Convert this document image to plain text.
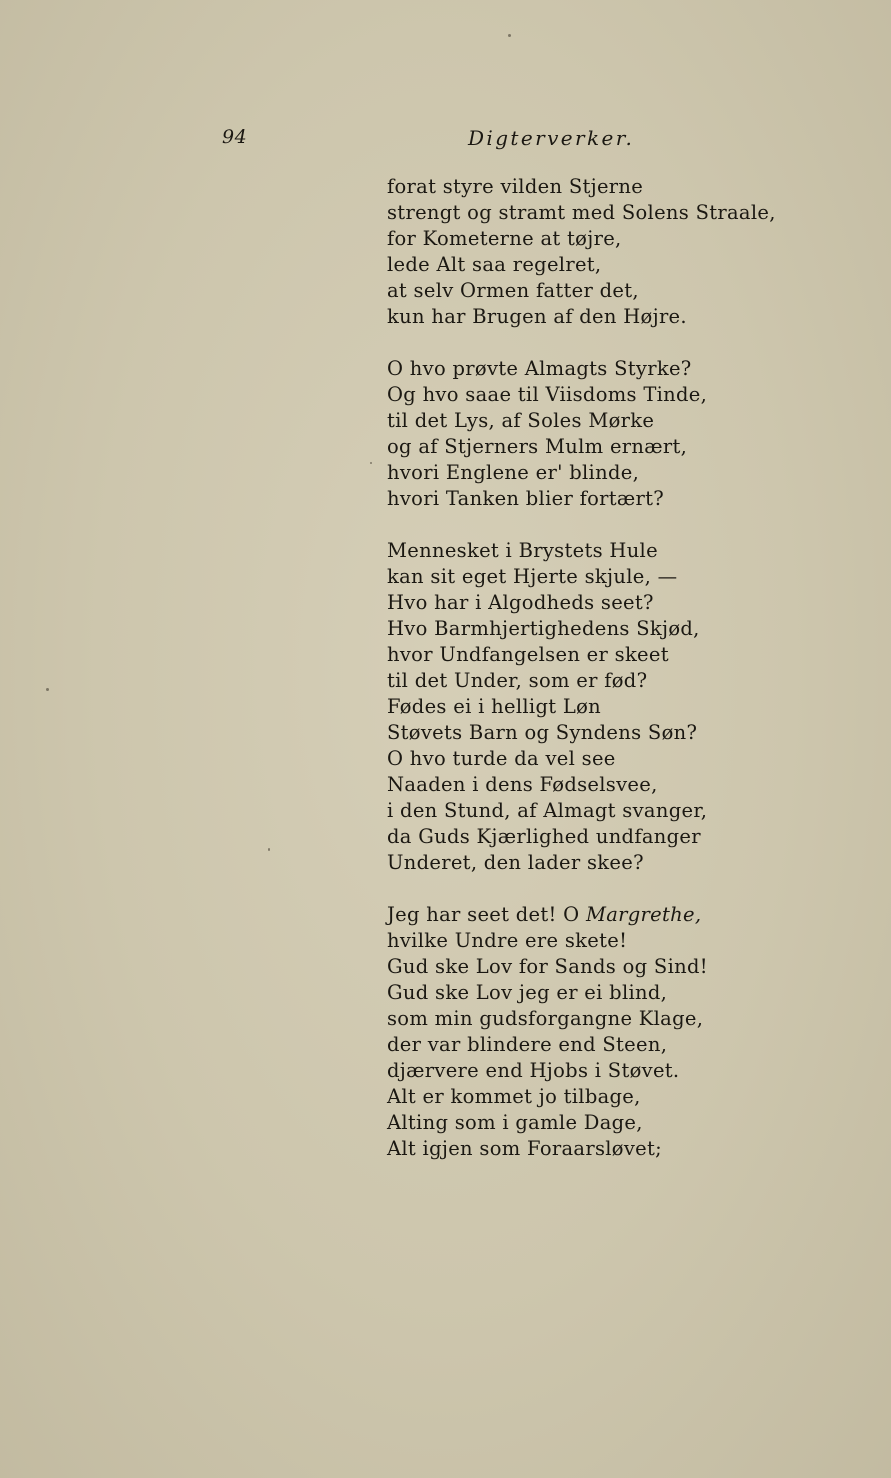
94	Digterverker.
forat styre vilden Stjerne
strengt og stramt med Solens Straale,
for Kometerne at tøjre,
lede Alt saa regelret,
at selv Ormen fatter det,
kun har Brugen af den Højre.
O hvo prøvte Almagts Styrke?
Og hvo saae til Viisdoms Tinde,
til det Lys, af Soles Mørke
og af Stjerners Mulm ernært,
hvori Englene er' blinde,
hvori Tanken blier fortært?
Mennesket i Brystets Hule
kan sit eget Hjerte skjule, —
Hvo har i Algodheds seet?
Hvo Barmhjertighedens Skjød,
hvor Undfangelsen er skeet
til det Under, som er fød?
Fødes ei i helligt Løn
Støvets Barn og Syndens Søn?
O hvo turde da vel see
Naaden i dens Fødselsvee,
i den Stund, af Almagt svanger,
da Guds Kjærlighed undfanger
Underet, den lader skee?
Jeg har seet det! O Margrethe,
hvilke Undre ere skete!
Gud ske Lov for Sands og Sind!
Gud ske Lov jeg er ei blind,
som min gudsforgangne Klage,
der var blindere end Steen,
djærvere end Hjobs i Støvet.
Alt er kommet jo tilbage,
Alting som i gamle Dage,
Alt igjen som Foraarsløvet;
